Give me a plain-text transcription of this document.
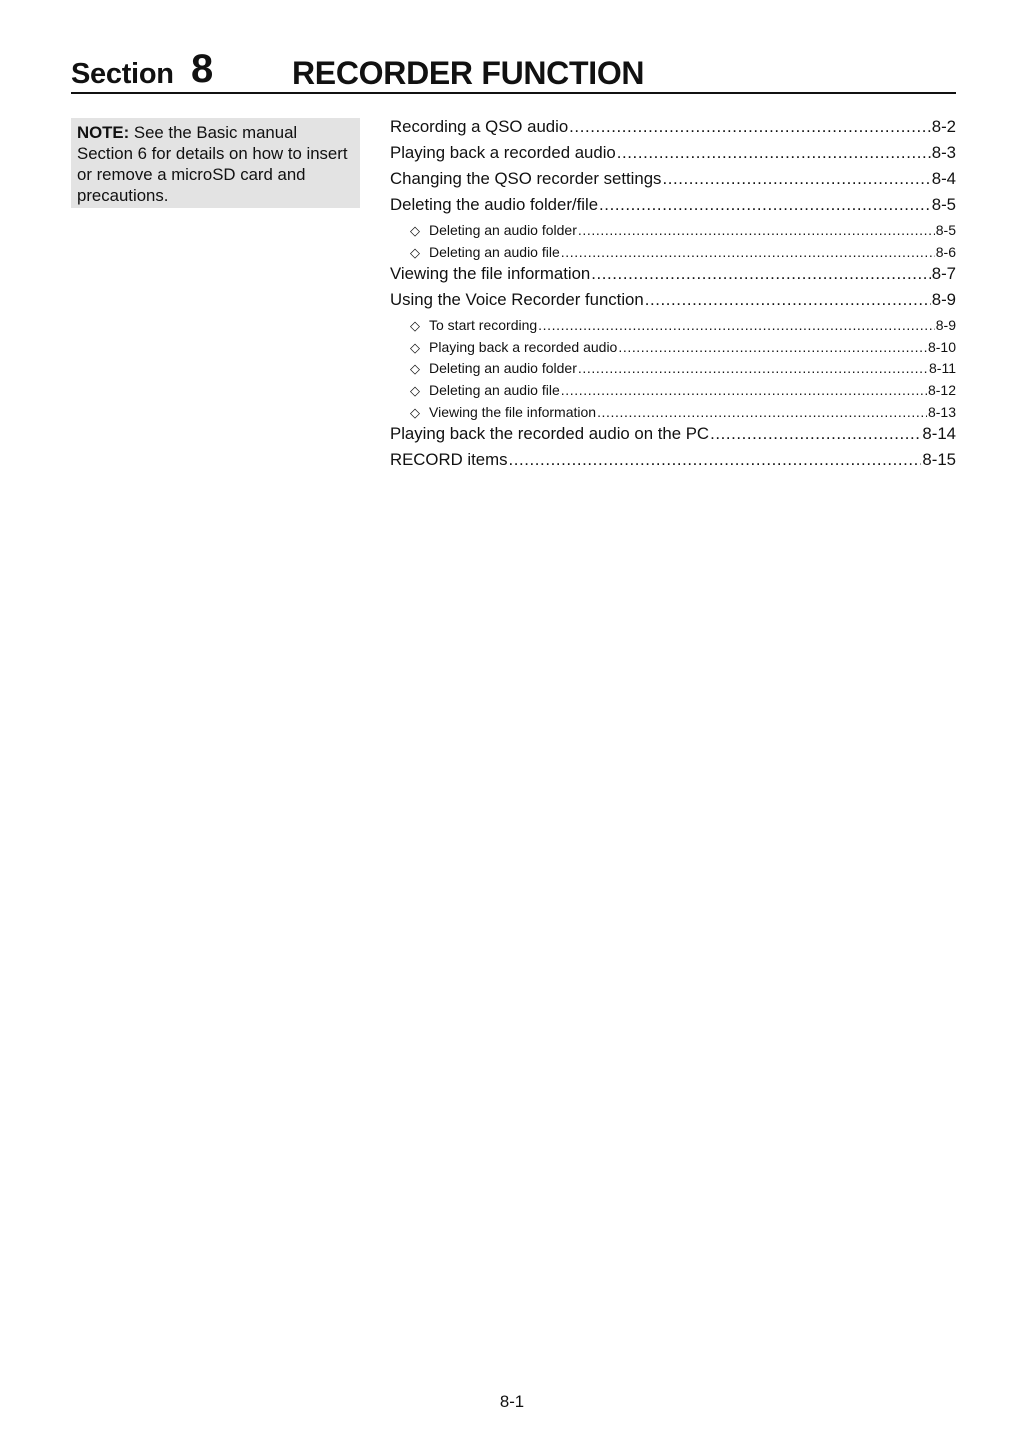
Section 8 RECORDER FUNCTION
NOTE: See the Basic manual Section 6 for details on how to insert or remove a microSD card and precautions.
Recording a QSO audio .....	8-2
Playing back a recorded audio .....	8-3
Changing the QSO recorder settings .....	8-4
Deleting the audio folder/file .....	8-5
◇ Deleting an audio folder .....	8-5
◇ Deleting an audio file .....	8-6
Viewing the file information .....	8-7
Using the Voice Recorder function .....	8-9
◇ To start recording .....	8-9
◇ Playing back a recorded audio .....	8-10
◇ Deleting an audio folder .....	8-11
◇ Deleting an audio file .....	8-12
◇ Viewing the file information .....	8-13
Playing back the recorded audio on the PC .....	8-14
RECORD items .....	8-15
8-1
